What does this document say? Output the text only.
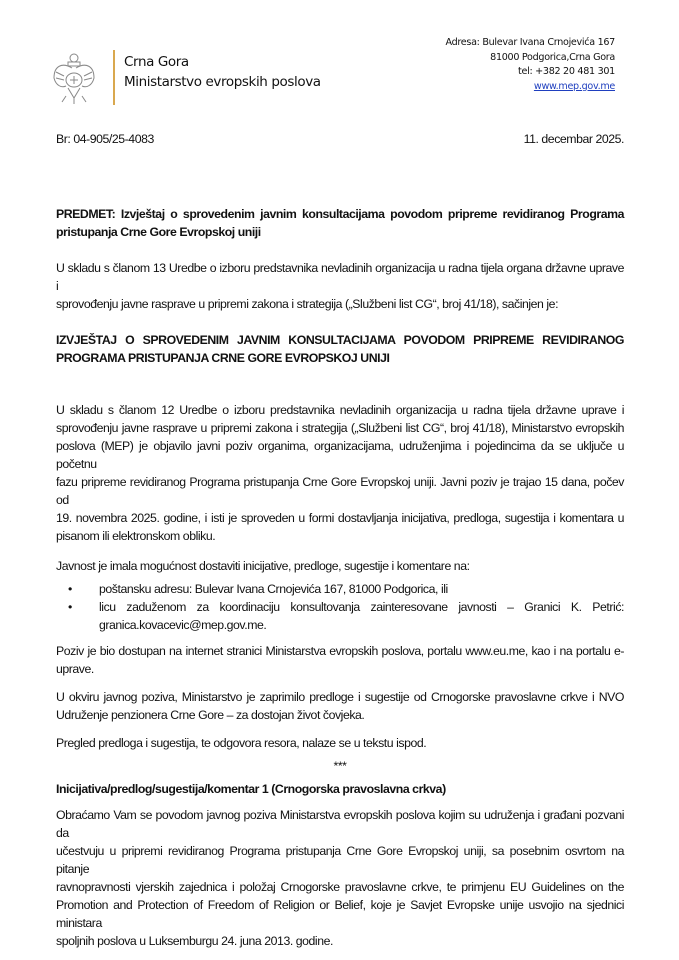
Crna Gora
Ministarstvo evropskih poslova
Adresa: Bulevar Ivana Crnojevića 167
81000 Podgorica,Crna Gora
tel: +382 20 481 301
www.mep.gov.me
Br: 04-905/25-4083	11. decembar 2025.
PREDMET: Izvještaj o sprovedenim javnim konsultacijama povodom pripreme revidiranog Programa
pristupanja Crne Gore Evropskoj uniji
U skladu s članom 13 Uredbe o izboru predstavnika nevladinih organizacija u radna tijela organa državne uprave i
sprovođenju javne rasprave u pripremi zakona i strategija („Službeni list CG“, broj 41/18), sačinjen je:
IZVJEŠTAJ O SPROVEDENIM JAVNIM KONSULTACIJAMA POVODOM PRIPREME REVIDIRANOG
PROGRAMA PRISTUPANJA CRNE GORE EVROPSKOJ UNIJI
U skladu s članom 12 Uredbe o izboru predstavnika nevladinih organizacija u radna tijela državne uprave i
sprovođenju javne rasprave u pripremi zakona i strategija („Službeni list CG“, broj 41/18), Ministarstvo evropskih
poslova (MEP) je objavilo javni poziv organima, organizacijama, udruženjima i pojedincima da se uključe u početnu
fazu pripreme revidiranog Programa pristupanja Crne Gore Evropskoj uniji. Javni poziv je trajao 15 dana, počev od
19. novembra 2025. godine, i isti je sproveden u formi dostavljanja inicijativa, predloga, sugestija i komentara u
pisanom ili elektronskom obliku.
Javnost je imala mogućnost dostaviti inicijative, predloge, sugestije i komentare na:
• poštansku adresu: Bulevar Ivana Crnojevića 167, 81000 Podgorica, ili
• licu zaduženom za koordinaciju konsultovanja zainteresovane javnosti – Granici K. Petrić:
granica.kovacevic@mep.gov.me.
Poziv je bio dostupan na internet stranici Ministarstva evropskih poslova, portalu www.eu.me, kao i na portalu e-
uprave.
U okviru javnog poziva, Ministarstvo je zaprimilo predloge i sugestije od Crnogorske pravoslavne crkve i NVO
Udruženje penzionera Crne Gore – za dostojan život čovjeka.
Pregled predloga i sugestija, te odgovora resora, nalaze se u tekstu ispod.
***
Inicijativa/predlog/sugestija/komentar 1 (Crnogorska pravoslavna crkva)
Obraćamo Vam se povodom javnog poziva Ministarstva evropskih poslova kojim su udruženja i građani pozvani da
učestvuju u pripremi revidiranog Programa pristupanja Crne Gore Evropskoj uniji, sa posebnim osvrtom na pitanje
ravnopravnosti vjerskih zajednica i položaj Crnogorske pravoslavne crkve, te primjenu EU Guidelines on the
Promotion and Protection of Freedom of Religion or Belief, koje je Savjet Evropske unije usvojio na sjednici ministara
spoljnih poslova u Luksemburgu 24. juna 2013. godine.
